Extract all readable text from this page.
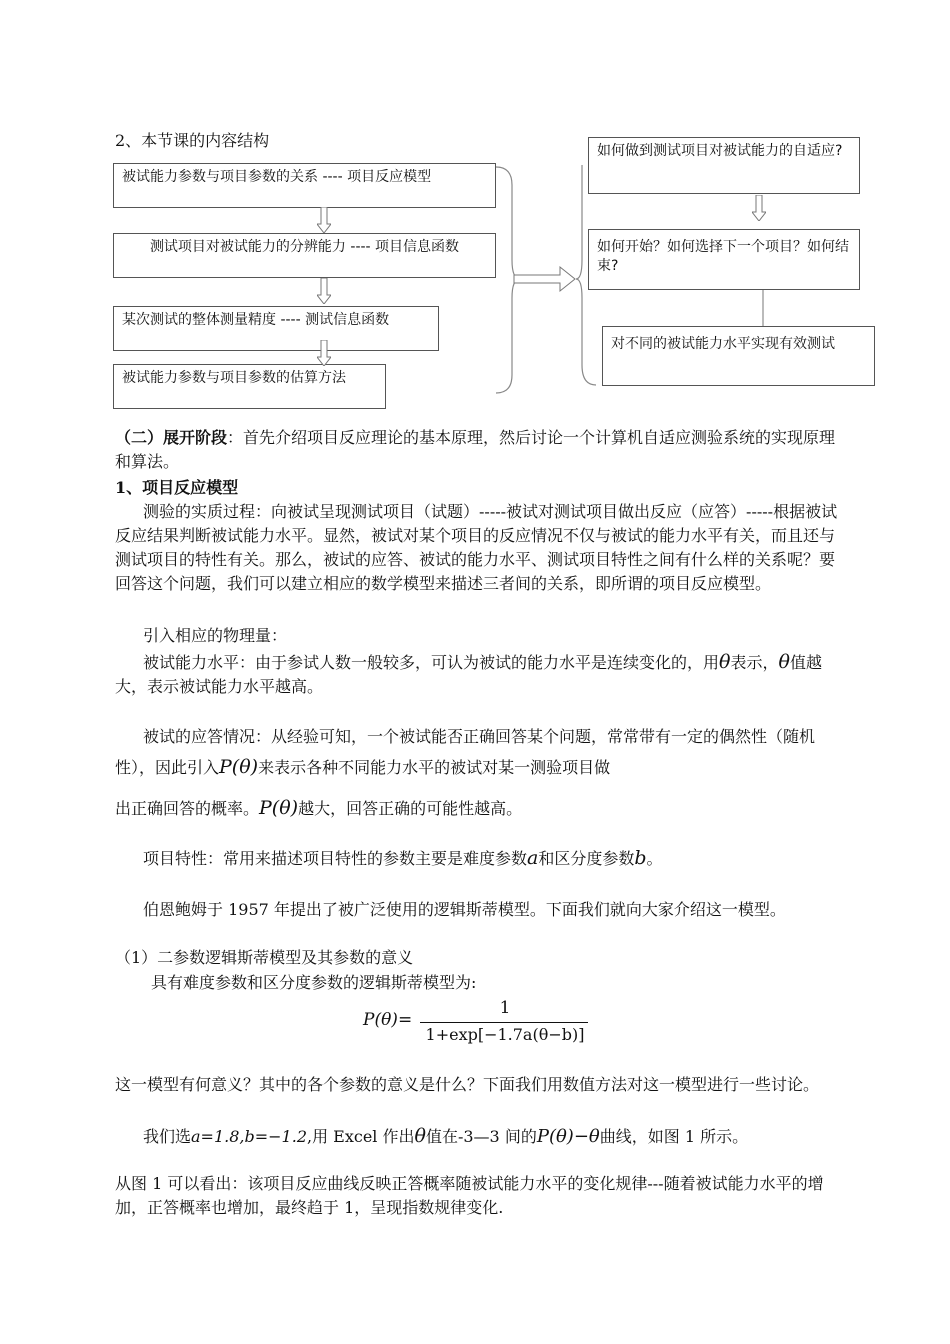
2、本节课的内容结构
被试能力参数与项目参数的关系 ---- 项目反应模型
测试项目对被试能力的分辨能力 ---- 项目信息函数
某次测试的整体测量精度 ---- 测试信息函数
被试能力参数与项目参数的估算方法
如何做到测试项目对被试能力的自适应?
如何开始？如何选择下一个项目？如何结束?
对不同的被试能力水平实现有效测试
（二）展开阶段：首先介绍项目反应理论的基本原理，然后讨论一个计算机自适应测验系统的实现原理和算法。
1、项目反应模型
测验的实质过程：向被试呈现测试项目（试题）-----被试对测试项目做出反应（应答）-----根据被试反应结果判断被试能力水平。显然，被试对某个项目的反应情况不仅与被试的能力水平有关，而且还与测试项目的特性有关。那么，被试的应答、被试的能力水平、测试项目特性之间有什么样的关系呢？要回答这个问题，我们可以建立相应的数学模型来描述三者间的关系，即所谓的项目反应模型。
引入相应的物理量：
被试能力水平：由于参试人数一般较多，可认为被试的能力水平是连续变化的，用θ表示，θ值越大，表示被试能力水平越高。
被试的应答情况：从经验可知，一个被试能否正确回答某个问题，常常带有一定的偶然性（随机性），因此引入P(θ)来表示各种不同能力水平的被试对某一测验项目做
出正确回答的概率。P(θ)越大，回答正确的可能性越高。
项目特性：常用来描述项目特性的参数主要是难度参数a和区分度参数b。
伯恩鲍姆于 1957 年提出了被广泛使用的逻辑斯蒂模型。下面我们就向大家介绍这一模型。
（1）二参数逻辑斯蒂模型及其参数的意义
具有难度参数和区分度参数的逻辑斯蒂模型为:
P(θ)=
1
1+exp[−1.7a(θ−b)]
这一模型有何意义？其中的各个参数的意义是什么？下面我们用数值方法对这一模型进行一些讨论。
我们选a=1.8,b=−1.2,用 Excel 作出θ值在-3—3 间的P(θ)−θ曲线，如图 1 所示。
从图 1 可以看出：该项目反应曲线反映正答概率随被试能力水平的变化规律---随着被试能力水平的增加，正答概率也增加，最终趋于 1，呈现指数规律变化.
